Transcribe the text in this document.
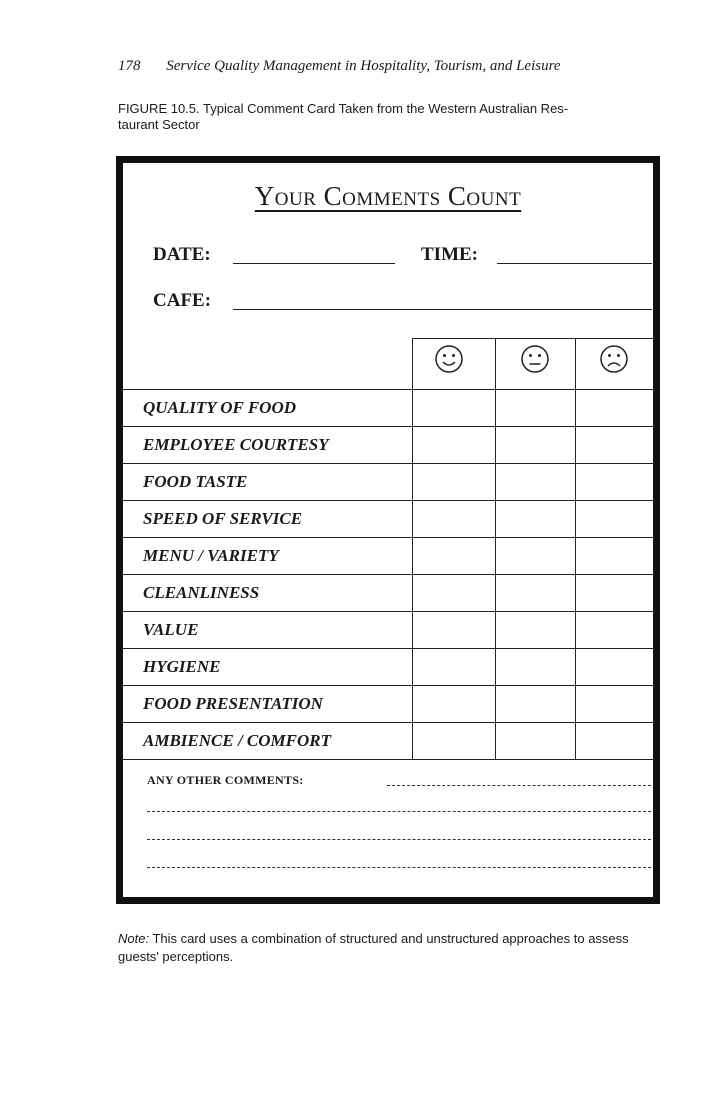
178 Service Quality Management in Hospitality, Tourism, and Leisure
FIGURE 10.5. Typical Comment Card Taken from the Western Australian Res-
taurant Sector
Your Comments Count
DATE:	TIME:
CAFE:
QUALITY OF FOOD
EMPLOYEE COURTESY
FOOD TASTE
SPEED OF SERVICE
MENU / VARIETY
CLEANLINESS
VALUE
HYGIENE
FOOD PRESENTATION
AMBIENCE / COMFORT
ANY OTHER COMMENTS:
Note: This card uses a combination of structured and unstructured approaches to assess guests' perceptions.
